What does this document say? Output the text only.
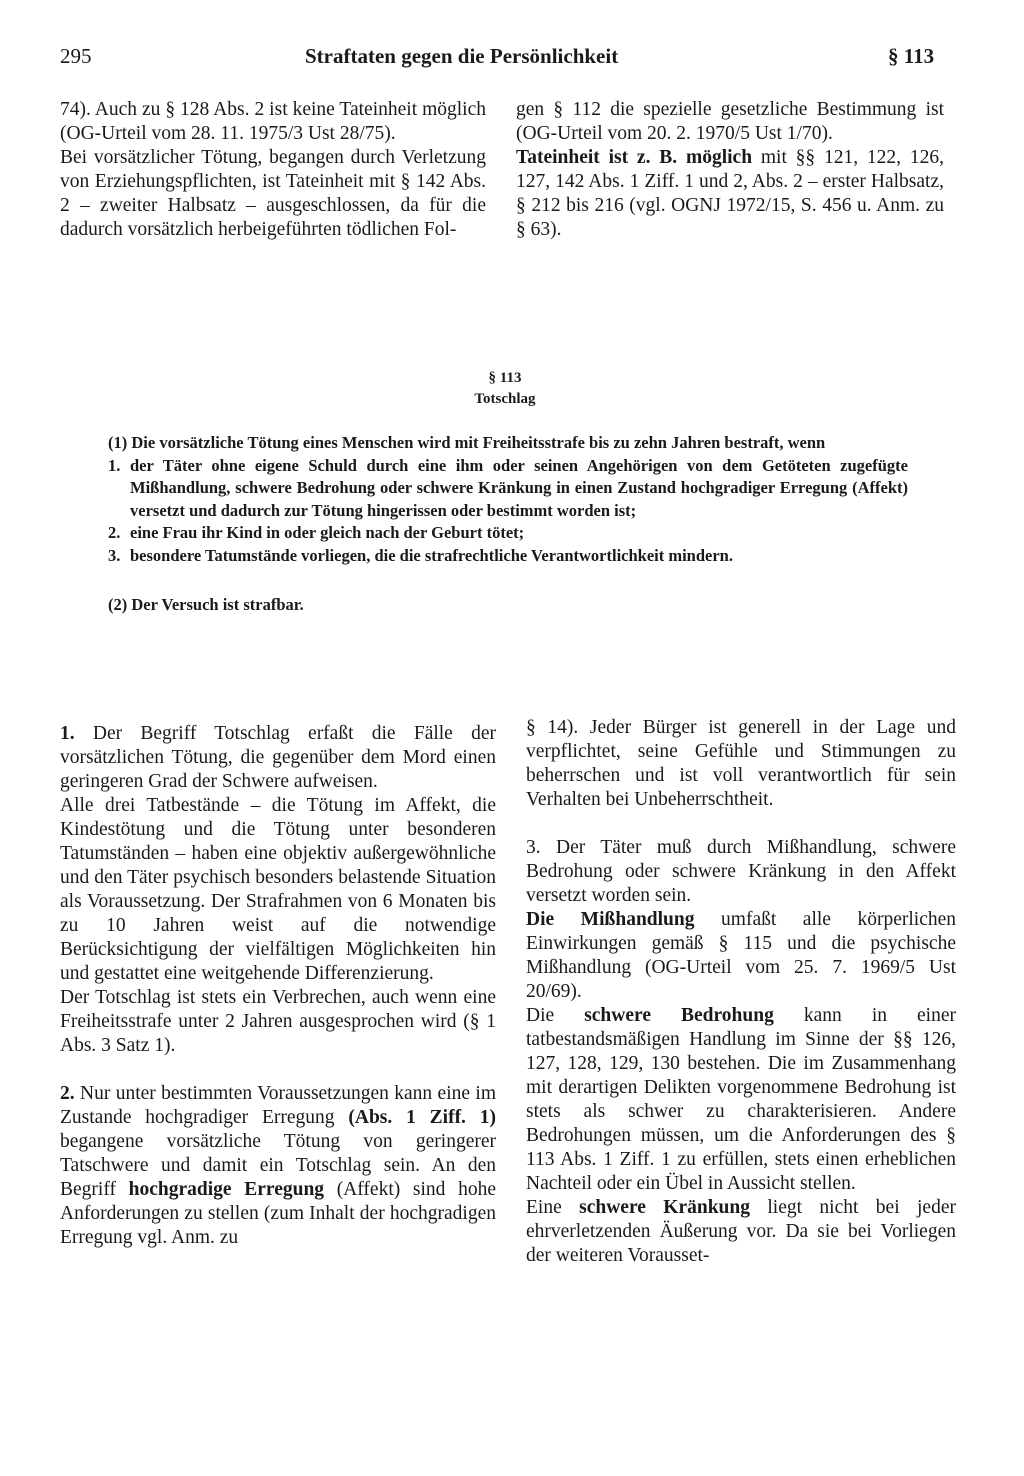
295	Straftaten gegen die Persönlichkeit	§ 113

74). Auch zu § 128 Abs. 2 ist keine Tateinheit möglich (OG-Urteil vom 28. 11. 1975/3 Ust 28/75).

Bei vorsätzlicher Tötung, begangen durch Verletzung von Erziehungspflichten, ist Tateinheit mit § 142 Abs. 2 – zweiter Halbsatz – ausgeschlossen, da für die dadurch vorsätzlich herbeigeführten tödlichen Fol-

gen § 112 die spezielle gesetzliche Bestimmung ist (OG-Urteil vom 20. 2. 1970/5 Ust 1/70).

Tateinheit ist z. B. möglich mit §§ 121, 122, 126, 127, 142 Abs. 1 Ziff. 1 und 2, Abs. 2 – erster Halbsatz, § 212 bis 216 (vgl. OGNJ 1972/15, S. 456 u. Anm. zu § 63).

§ 113
Totschlag

(1) Die vorsätzliche Tötung eines Menschen wird mit Freiheitsstrafe bis zu zehn Jahren bestraft, wenn

1. der Täter ohne eigene Schuld durch eine ihm oder seinen Angehörigen von dem Getöteten zugefügte Mißhandlung, schwere Bedrohung oder schwere Kränkung in einen Zustand hochgradiger Erregung (Affekt) versetzt und dadurch zur Tötung hingerissen oder bestimmt worden ist;
2. eine Frau ihr Kind in oder gleich nach der Geburt tötet;
3. besondere Tatumstände vorliegen, die die strafrechtliche Verantwortlichkeit mindern.

(2) Der Versuch ist strafbar.

1. Der Begriff Totschlag erfaßt die Fälle der vorsätzlichen Tötung, die gegenüber dem Mord einen geringeren Grad der Schwere aufweisen.

Alle drei Tatbestände – die Tötung im Affekt, die Kindestötung und die Tötung unter besonderen Tatumständen – haben eine objektiv außergewöhnliche und den Täter psychisch besonders belastende Situation als Voraussetzung. Der Strafrahmen von 6 Monaten bis zu 10 Jahren weist auf die notwendige Berücksichtigung der vielfältigen Möglichkeiten hin und gestattet eine weitgehende Differenzierung.

Der Totschlag ist stets ein Verbrechen, auch wenn eine Freiheitsstrafe unter 2 Jahren ausgesprochen wird (§ 1 Abs. 3 Satz 1).

2. Nur unter bestimmten Voraussetzungen kann eine im Zustande hochgradiger Erregung (Abs. 1 Ziff. 1) begangene vorsätzliche Tötung von geringerer Tatschwere und damit ein Totschlag sein. An den Begriff hochgradige Erregung (Affekt) sind hohe Anforderungen zu stellen (zum Inhalt der hochgradigen Erregung vgl. Anm. zu

§ 14). Jeder Bürger ist generell in der Lage und verpflichtet, seine Gefühle und Stimmungen zu beherrschen und ist voll verantwortlich für sein Verhalten bei Unbeherrschtheit.

3. Der Täter muß durch Mißhandlung, schwere Bedrohung oder schwere Kränkung in den Affekt versetzt worden sein.

Die Mißhandlung umfaßt alle körperlichen Einwirkungen gemäß § 115 und die psychische Mißhandlung (OG-Urteil vom 25. 7. 1969/5 Ust 20/69).

Die schwere Bedrohung kann in einer tatbestandsmäßigen Handlung im Sinne der §§ 126, 127, 128, 129, 130 bestehen. Die im Zusammenhang mit derartigen Delikten vorgenommene Bedrohung ist stets als schwer zu charakterisieren. Andere Bedrohungen müssen, um die Anforderungen des § 113 Abs. 1 Ziff. 1 zu erfüllen, stets einen erheblichen Nachteil oder ein Übel in Aussicht stellen.

Eine schwere Kränkung liegt nicht bei jeder ehrverletzenden Äußerung vor. Da sie bei Vorliegen der weiteren Vorausset-
